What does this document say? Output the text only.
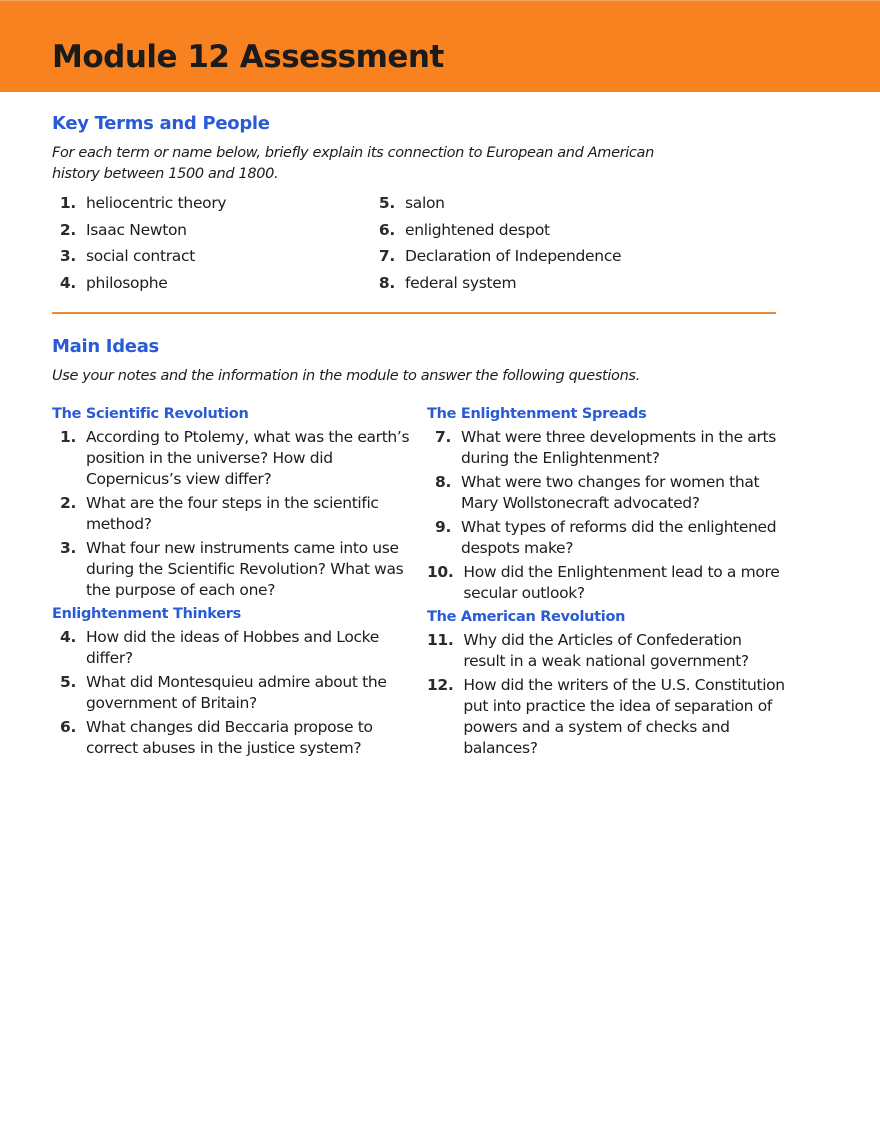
Module 12 Assessment
Key Terms and People
For each term or name below, briefly explain its connection to European and American
history between 1500 and 1800.
1. heliocentric theory
2. Isaac Newton
3. social contract
4. philosophe
5. salon
6. enlightened despot
7. Declaration of Independence
8. federal system
Main Ideas
Use your notes and the information in the module to answer the following questions.
The Scientific Revolution
1. According to Ptolemy, what was the earth’s position in the universe? How did Copernicus’s view differ?
2. What are the four steps in the scientific method?
3. What four new instruments came into use during the Scientific Revolution? What was the purpose of each one?
Enlightenment Thinkers
4. How did the ideas of Hobbes and Locke differ?
5. What did Montesquieu admire about the government of Britain?
6. What changes did Beccaria propose to correct abuses in the justice system?
The Enlightenment Spreads
7. What were three developments in the arts during the Enlightenment?
8. What were two changes for women that Mary Wollstonecraft advocated?
9. What types of reforms did the enlightened despots make?
10. How did the Enlightenment lead to a more secular outlook?
The American Revolution
11. Why did the Articles of Confederation result in a weak national government?
12. How did the writers of the U.S. Constitution put into practice the idea of separation of powers and a system of checks and balances?
